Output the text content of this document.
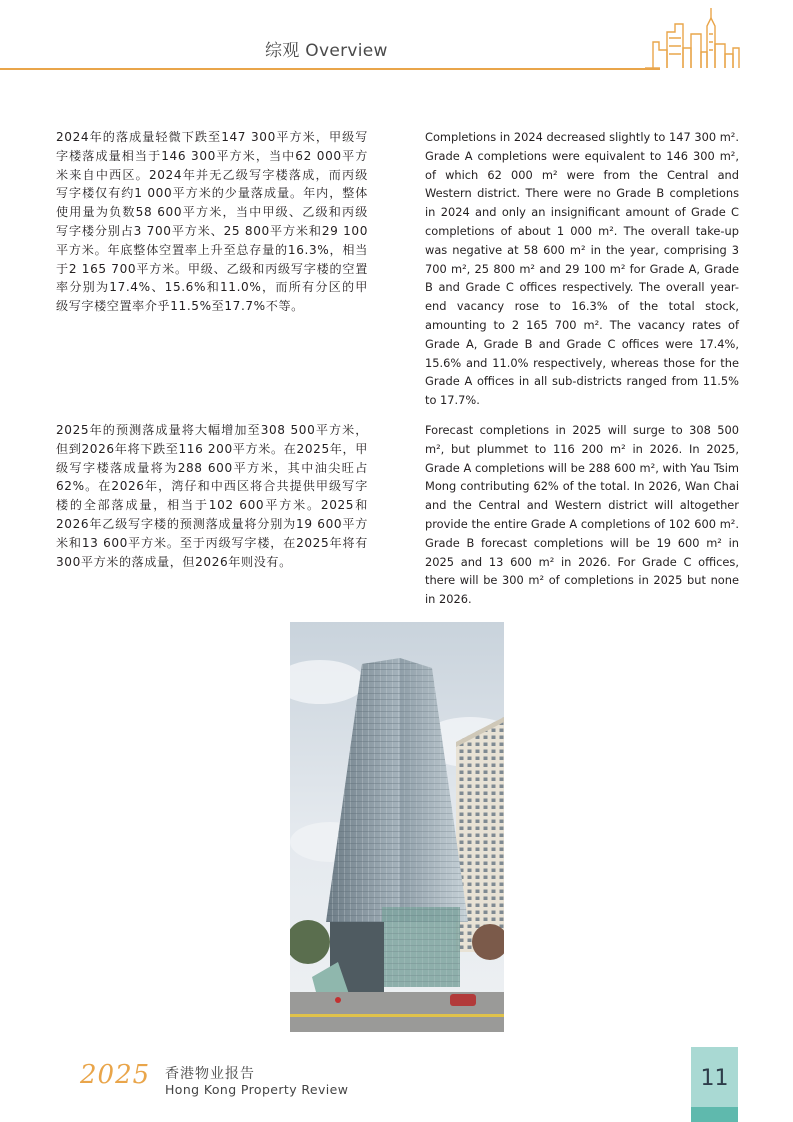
综观 Overview

2024年的落成量轻微下跌至147 300平方米，甲级写字楼落成量相当于146 300平方米，当中62 000平方米来自中西区。2024年并无乙级写字楼落成，而丙级写字楼仅有约1 000平方米的少量落成量。年内，整体使用量为负数58 600平方米，当中甲级、乙级和丙级写字楼分别占3 700平方米、25 800平方米和29 100平方米。年底整体空置率上升至总存量的16.3%，相当于2 165 700平方米。甲级、乙级和丙级写字楼的空置率分别为17.4%、15.6%和11.0%，而所有分区的甲级写字楼空置率介乎11.5%至17.7%不等。

Completions in 2024 decreased slightly to 147 300 m². Grade A completions were equivalent to 146 300 m², of which 62 000 m² were from the Central and Western district. There were no Grade B completions in 2024 and only an insignificant amount of Grade C completions of about 1 000 m². The overall take-up was negative at 58 600 m² in the year, comprising 3 700 m², 25 800 m² and 29 100 m² for Grade A, Grade B and Grade C offices respectively. The overall year-end vacancy rose to 16.3% of the total stock, amounting to 2 165 700 m². The vacancy rates of Grade A, Grade B and Grade C offices were 17.4%, 15.6% and 11.0% respectively, whereas those for the Grade A offices in all sub-districts ranged from 11.5% to 17.7%.

2025年的预测落成量将大幅增加至308 500平方米，但到2026年将下跌至116 200平方米。在2025年，甲级写字楼落成量将为288 600平方米，其中油尖旺占62%。在2026年，湾仔和中西区将合共提供甲级写字楼的全部落成量，相当于102 600平方米。2025和2026年乙级写字楼的预测落成量将分别为19 600平方米和13 600平方米。至于丙级写字楼，在2025年将有300平方米的落成量，但2026年则没有。

Forecast completions in 2025 will surge to 308 500 m², but plummet to 116 200 m² in 2026. In 2025, Grade A completions will be 288 600 m², with Yau Tsim Mong contributing 62% of the total. In 2026, Wan Chai and the Central and Western district will altogether provide the entire Grade A completions of 102 600 m². Grade B forecast completions will be 19 600 m² in 2025 and 13 600 m² in 2026. For Grade C offices, there will be 300 m² of completions in 2025 but none in 2026.

2025 香港物业报告
Hong Kong Property Review	11
